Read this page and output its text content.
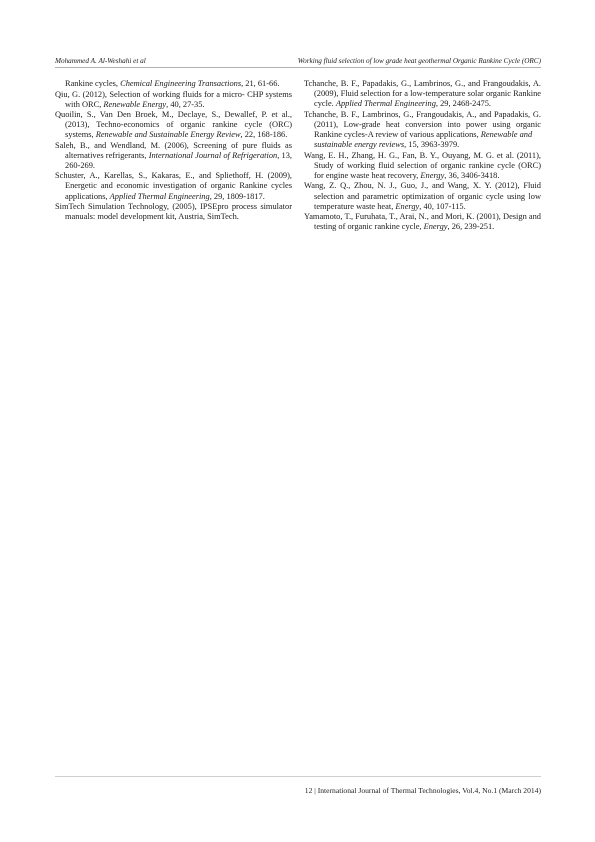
Mohammed A. Al-Weshahi et al	Working fluid selection of low grade heat geothermal Organic Rankine Cycle (ORC)

Rankine cycles, Chemical Engineering Transactions, 21, 61-66.

Qiu, G. (2012), Selection of working fluids for a micro- CHP systems with ORC, Renewable Energy, 40, 27-35.

Quoilin, S., Van Den Broek, M., Declaye, S., Dewallef, P. et al., (2013), Techno-economics of organic rankine cycle (ORC) systems, Renewable and Sustainable Energy Review, 22, 168-186.

Saleh, B., and Wendland, M. (2006), Screening of pure fluids as alternatives refrigerants, International Journal of Refrigeration, 13, 260-269.

Schuster, A., Karellas, S., Kakaras, E., and Spliethoff, H. (2009), Energetic and economic investigation of organic Rankine cycles applications, Applied Thermal Engineering, 29, 1809-1817.

SimTech Simulation Technology, (2005), IPSEpro process simulator manuals: model development kit, Austria, SimTech.

Tchanche, B. F., Papadakis, G., Lambrinos, G., and Frangoudakis, A. (2009), Fluid selection for a low-temperature solar organic Rankine cycle. Applied Thermal Engineering, 29, 2468-2475.

Tchanche, B. F., Lambrinos, G., Frangoudakis, A., and Papadakis, G. (2011), Low-grade heat conversion into power using organic Rankine cycles-A review of various applications, Renewable and

sustainable energy reviews, 15, 3963-3979.

Wang, E. H., Zhang, H. G., Fan, B. Y., Ouyang, M. G. et al. (2011), Study of working fluid selection of organic rankine cycle (ORC) for engine waste heat recovery, Energy, 36, 3406-3418.

Wang, Z. Q., Zhou, N. J., Guo, J., and Wang, X. Y. (2012), Fluid selection and parametric optimization of organic cycle using low temperature waste heat, Energy, 40, 107-115.

Yamamoto, T., Furuhata, T., Arai, N., and Mori, K. (2001), Design and testing of organic rankine cycle, Energy, 26, 239-251.

12 | International Journal of Thermal Technologies, Vol.4, No.1 (March 2014)
